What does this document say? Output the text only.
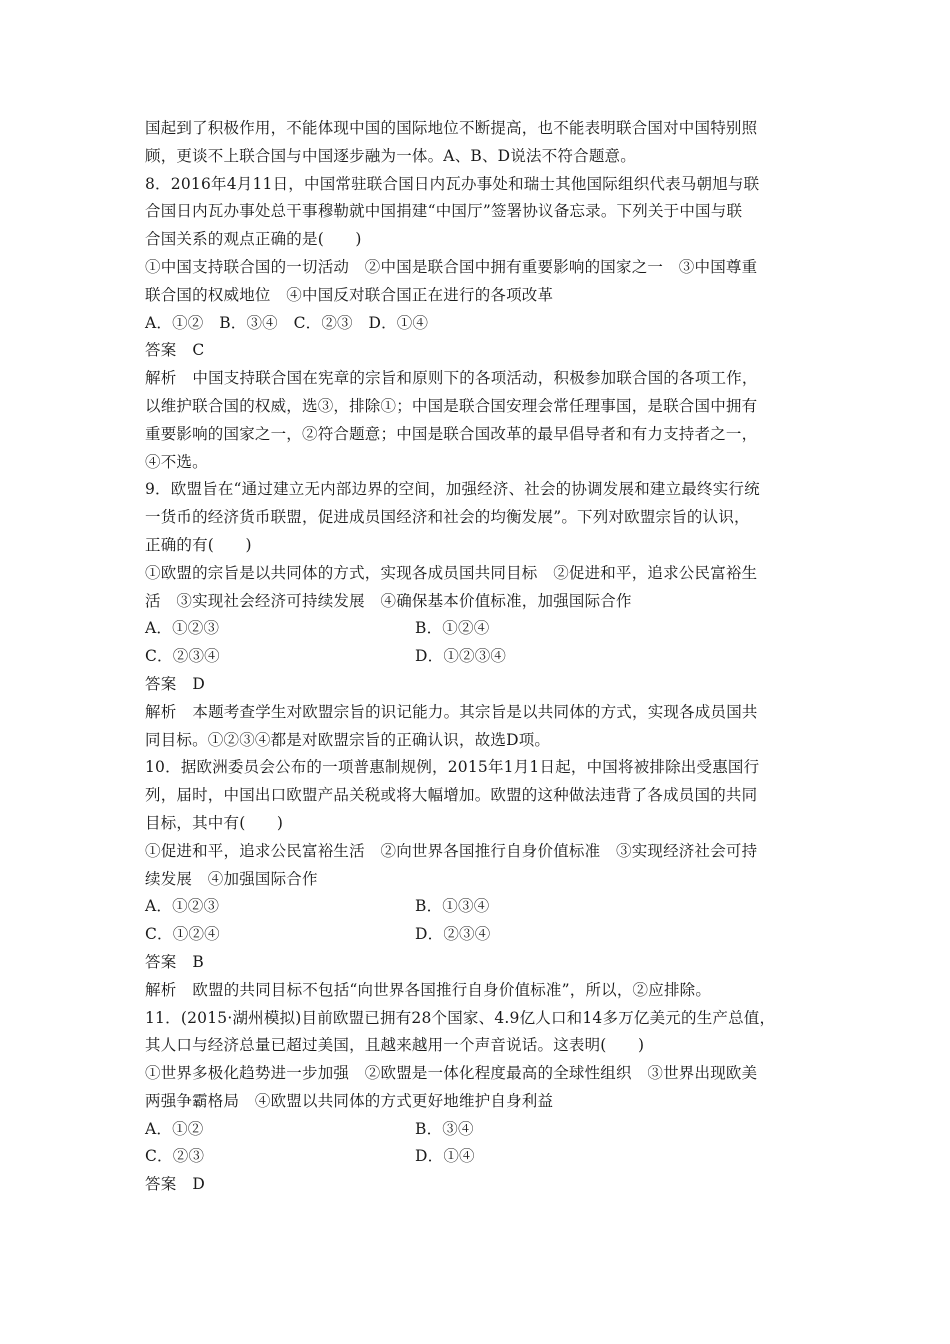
国起到了积极作用，不能体现中国的国际地位不断提高，也不能表明联合国对中国特别照
顾，更谈不上联合国与中国逐步融为一体。A、B、D说法不符合题意。
8．2016年4月11日，中国常驻联合国日内瓦办事处和瑞士其他国际组织代表马朝旭与联
合国日内瓦办事处总干事穆勒就中国捐建“中国厅”签署协议备忘录。下列关于中国与联
合国关系的观点正确的是(　　)
①中国支持联合国的一切活动　②中国是联合国中拥有重要影响的国家之一　③中国尊重
联合国的权威地位　④中国反对联合国正在进行的各项改革
A．①②　B．③④　C．②③　D．①④
答案 C
解析 中国支持联合国在宪章的宗旨和原则下的各项活动，积极参加联合国的各项工作，
以维护联合国的权威，选③，排除①；中国是联合国安理会常任理事国，是联合国中拥有
重要影响的国家之一，②符合题意；中国是联合国改革的最早倡导者和有力支持者之一，
④不选。
9．欧盟旨在“通过建立无内部边界的空间，加强经济、社会的协调发展和建立最终实行统
一货币的经济货币联盟，促进成员国经济和社会的均衡发展”。下列对欧盟宗旨的认识，
正确的有(　　)
①欧盟的宗旨是以共同体的方式，实现各成员国共同目标　②促进和平，追求公民富裕生
活　③实现社会经济可持续发展　④确保基本价值标准，加强国际合作
A．①②③	B．①②④
C．②③④	D．①②③④
答案 D
解析 本题考查学生对欧盟宗旨的识记能力。其宗旨是以共同体的方式，实现各成员国共
同目标。①②③④都是对欧盟宗旨的正确认识，故选D项。
10．据欧洲委员会公布的一项普惠制规例，2015年1月1日起，中国将被排除出受惠国行
列，届时，中国出口欧盟产品关税或将大幅增加。欧盟的这种做法违背了各成员国的共同
目标，其中有(　　)
①促进和平，追求公民富裕生活　②向世界各国推行自身价值标准　③实现经济社会可持
续发展　④加强国际合作
A．①②③	B．①③④
C．①②④	D．②③④
答案 B
解析 欧盟的共同目标不包括“向世界各国推行自身价值标准”，所以，②应排除。
11．(2015·湖州模拟)目前欧盟已拥有28个国家、4.9亿人口和14多万亿美元的生产总值，
其人口与经济总量已超过美国，且越来越用一个声音说话。这表明(　　)
①世界多极化趋势进一步加强　②欧盟是一体化程度最高的全球性组织　③世界出现欧美
两强争霸格局　④欧盟以共同体的方式更好地维护自身利益
A．①②	B．③④
C．②③	D．①④
答案 D
